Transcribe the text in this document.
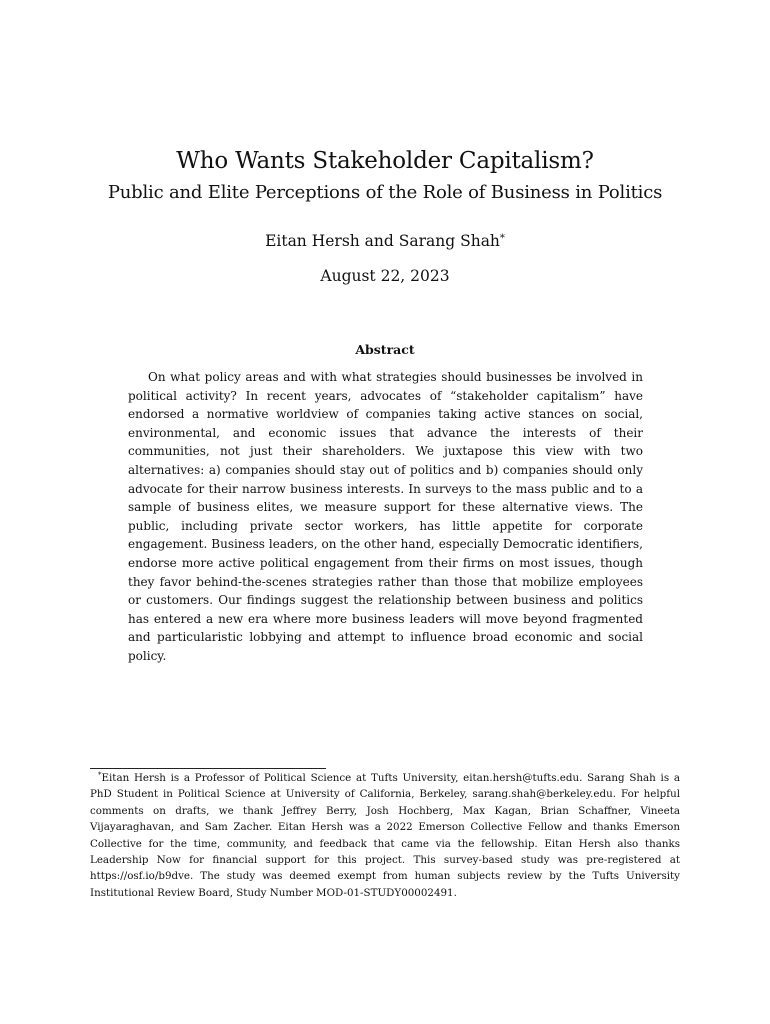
Who Wants Stakeholder Capitalism?
Public and Elite Perceptions of the Role of Business in Politics
Eitan Hersh and Sarang Shah*
August 22, 2023
Abstract
On what policy areas and with what strategies should businesses be involved in political activity? In recent years, advocates of “stakeholder capitalism” have endorsed a normative worldview of companies taking active stances on social, environmental, and economic issues that advance the interests of their communities, not just their shareholders. We juxtapose this view with two alternatives: a) companies should stay out of politics and b) companies should only advocate for their narrow business interests. In surveys to the mass public and to a sample of business elites, we measure support for these alternative views. The public, including private sector workers, has little appetite for corporate engagement. Business leaders, on the other hand, especially Democratic identifiers, endorse more active political engagement from their firms on most issues, though they favor behind-the-scenes strategies rather than those that mobilize employees or customers. Our findings suggest the relationship between business and politics has entered a new era where more business leaders will move beyond fragmented and particularistic lobbying and attempt to influence broad economic and social policy.
*Eitan Hersh is a Professor of Political Science at Tufts University, eitan.hersh@tufts.edu. Sarang Shah is a PhD Student in Political Science at University of California, Berkeley, sarang.shah@berkeley.edu. For helpful comments on drafts, we thank Jeffrey Berry, Josh Hochberg, Max Kagan, Brian Schaffner, Vineeta Vijayaraghavan, and Sam Zacher. Eitan Hersh was a 2022 Emerson Collective Fellow and thanks Emerson Collective for the time, community, and feedback that came via the fellowship. Eitan Hersh also thanks Leadership Now for financial support for this project. This survey-based study was pre-registered at https://osf.io/b9dve. The study was deemed exempt from human subjects review by the Tufts University Institutional Review Board, Study Number MOD-01-STUDY00002491.
